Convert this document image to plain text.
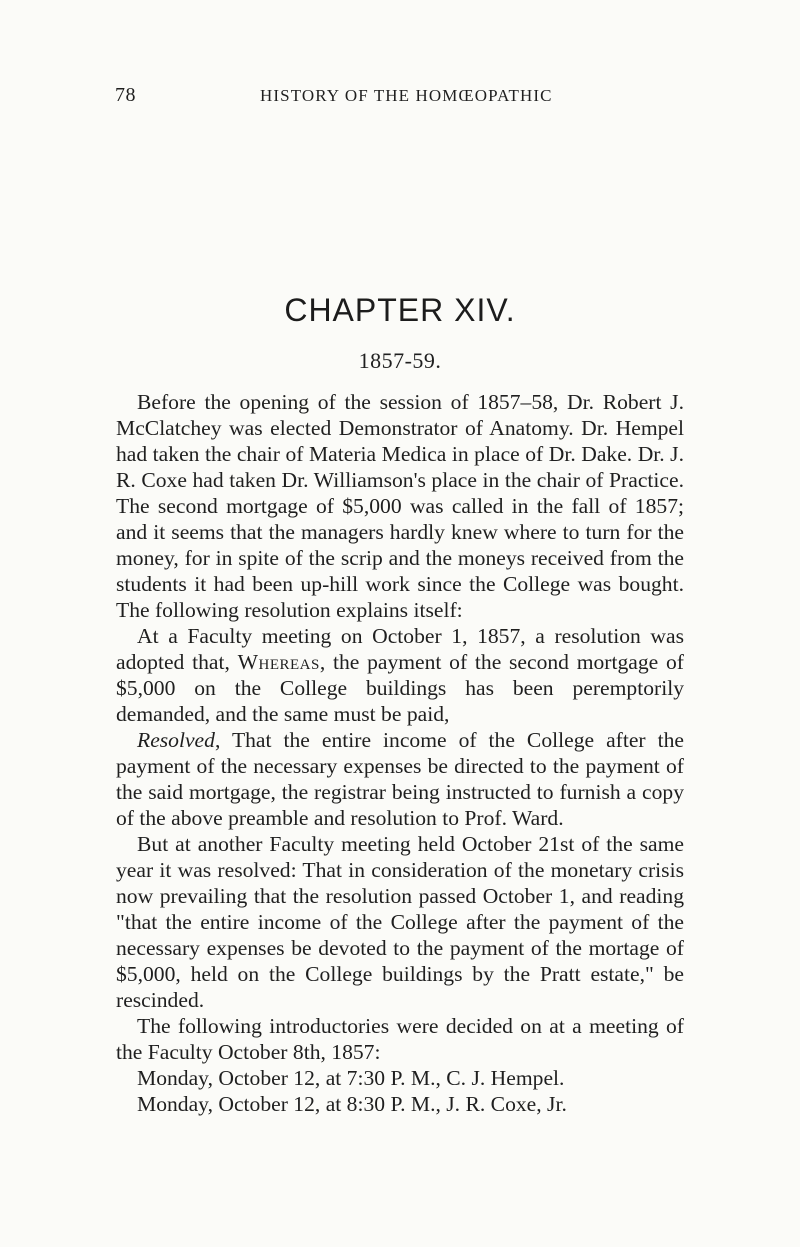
78	HISTORY OF THE HOMŒOPATHIC
CHAPTER XIV.
1857-59.

Before the opening of the session of 1857–58, Dr. Robert J. McClatchey was elected Demonstrator of Anatomy. Dr. Hempel had taken the chair of Materia Medica in place of Dr. Dake. Dr. J. R. Coxe had taken Dr. Williamson's place in the chair of Practice. The second mortgage of $5,000 was called in the fall of 1857; and it seems that the managers hardly knew where to turn for the money, for in spite of the scrip and the moneys received from the students it had been up-hill work since the College was bought. The following resolution explains itself:

At a Faculty meeting on October 1, 1857, a resolution was adopted that, Whereas, the payment of the second mortgage of $5,000 on the College buildings has been peremptorily demanded, and the same must be paid,

Resolved, That the entire income of the College after the payment of the necessary expenses be directed to the payment of the said mortgage, the registrar being instructed to furnish a copy of the above preamble and resolution to Prof. Ward.

But at another Faculty meeting held October 21st of the same year it was resolved: That in consideration of the monetary crisis now prevailing that the resolution passed October 1, and reading "that the entire income of the College after the payment of the necessary expenses be devoted to the payment of the mortage of $5,000, held on the College buildings by the Pratt estate," be rescinded.

The following introductories were decided on at a meeting of the Faculty October 8th, 1857:

Monday, October 12, at 7:30 P. M., C. J. Hempel.

Monday, October 12, at 8:30 P. M., J. R. Coxe, Jr.
